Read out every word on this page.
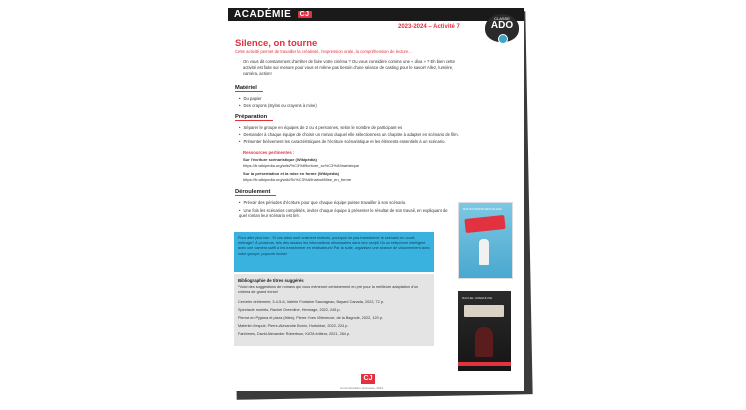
ACADÉMIE CJ
CLASSE
ADO
2023-2024 – Activité 7
Silence, on tourne
Cette activité permet de travailler la créativité, l'expression orale, la compréhension de lecture...
On vous dit constamment d'arrêter de faire votre cinéma ? Ou vous considère comme une « diva » ? Eh bien cette activité est faite sur mesure pour vous et même pas besoin d'une séance de casting pour le savoir! Allez, lumière, caméra, action!
Matériel
• Du papier
• Des crayons (stylos ou crayons à mine)
Préparation
• Séparer le groupe en équipes de 2 ou 4 personnes, selon le nombre de participant·es
• Demander à chaque équipe de choisir un roman duquel elle sélectionnera un chapitre à adapter en scénario de film.
• Présenter brièvement les caractéristiques de l'écriture scénaristique et les éléments essentiels à un scénario.
Ressources pertinentes :
Sur l'écriture scénaristique (Wikipédia)
https://fr.wikipedia.org/wiki/%C3%89criture_sc%C3%A9naristique
Sur la présentation et la mise en forme (Wikipédia)
https://fr.wikipedia.org/wiki/Sc%C3%A9nario#Mise_en_forme
Déroulement
• Prévoir des périodes d'écriture pour que chaque équipe puisse travailler à son scénario.
• Une fois les scénarios complétés, inviter chaque équipe à présenter le résultat de son travail, en expliquant de quel roman leur scénario est tiré.
Pour aller plus loin : Si vos ados sont vraiment motivés, pourquoi ne pas transformer le scénario en court-métrage? À plusieurs, tels des studios les informations nécessaires dans leur script! Ou un téléphone intelligent avec une caméra suffit à les transformer en réalisateurs! Par la suite, organisez une séance de visionnement avec votre groupe, popcorn inclus!
Bibliographie de titres suggérés
*Voici des suggestions de romans qui vous mèneront certainement en pré pour la meilleure adaptation d'un cinéma de grand écran!
Cerveler drôlement, 3-4-5-6, Valérie Fontaine Sauvageau, Bayard Canada, 2022, 72 p.
Spectacle mortels, Rachel Greenline, Hermage, 2022, 245 p.
Pierrot en Pyjama et pizza (frites), Pierre-Yves Villeneuve, de la Bagnole, 2022, 120 p.
Matériel d'espoir, Pierre-Alexandre Bonin, Hurtubise, 2022, 224 p.
Fantômes, David Alexander Robertson, KATA éditeur, 2021, 264 p.
NOUS ÉTIONS DES FILLES
RACHEL GREENLINE
CJ
Communication-Jeunesse, 2023
